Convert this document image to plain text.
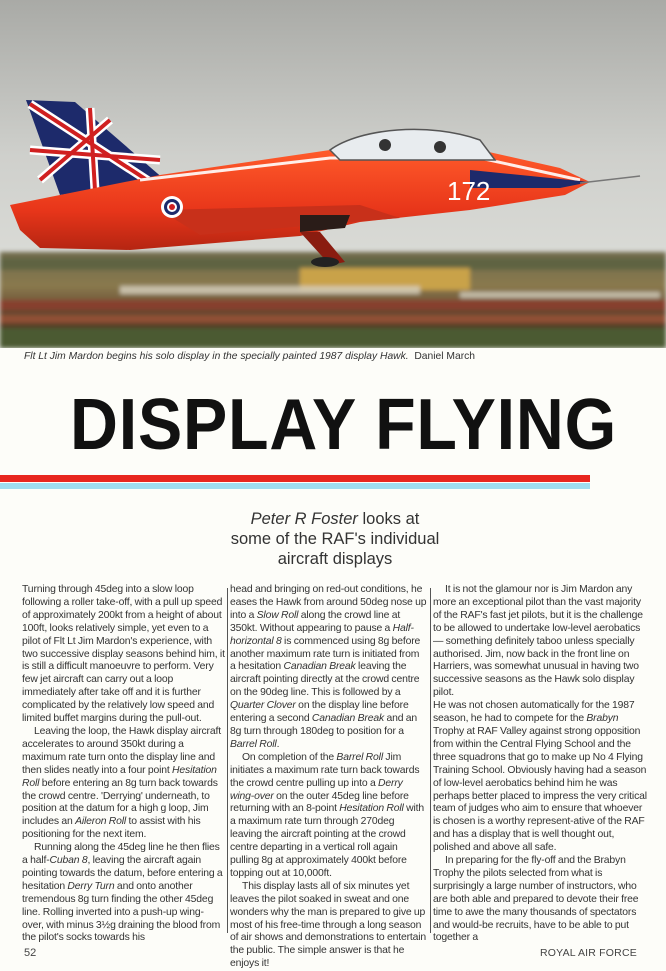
172
Flt Lt Jim Mardon begins his solo display in the specially painted 1987 display Hawk. Daniel March
DISPLAY FLYING
Peter R Foster looks at
some of the RAF's individual
aircraft displays

Turning through 45deg into a slow loop following a roller take-off, with a pull up speed of approximately 200kt from a height of about 100ft, looks relatively simple, yet even to a pilot of Flt Lt Jim Mardon's experience, with two successive display seasons behind him, it is still a difficult manoeuvre to perform. Very few jet aircraft can carry out a loop immediately after take off and it is further complicated by the relatively low speed and limited buffet margins during the pull-out.

Leaving the loop, the Hawk display aircraft accelerates to around 350kt during a maximum rate turn onto the display line and then slides neatly into a four point Hesitation Roll before entering an 8g turn back towards the crowd centre. 'Derrying' underneath, to position at the datum for a high g loop, Jim includes an Aileron Roll to assist with his positioning for the next item.

Running along the 45deg line he then flies a half-Cuban 8, leaving the aircraft again pointing towards the datum, before entering a hesitation Derry Turn and onto another tremendous 8g turn finding the other 45deg line. Rolling inverted into a push-up wing-over, with minus 3½g draining the blood from the pilot's socks towards his

head and bringing on red-out conditions, he eases the Hawk from around 50deg nose up into a Slow Roll along the crowd line at 350kt. Without appearing to pause a Half-horizontal 8 is commenced using 8g before another maximum rate turn is initiated from a hesitation Canadian Break leaving the aircraft pointing directly at the crowd centre on the 90deg line. This is followed by a Quarter Clover on the display line before entering a second Canadian Break and an 8g turn through 180deg to position for a Barrel Roll.

On completion of the Barrel Roll Jim initiates a maximum rate turn back towards the crowd centre pulling up into a Derry wing-over on the outer 45deg line before returning with an 8-point Hesitation Roll with a maximum rate turn through 270deg leaving the aircraft pointing at the crowd centre departing in a vertical roll again pulling 8g at approximately 400kt before topping out at 10,000ft.

This display lasts all of six minutes yet leaves the pilot soaked in sweat and one wonders why the man is prepared to give up most of his free-time through a long season of air shows and demonstrations to entertain the public. The simple answer is that he enjoys it!

It is not the glamour nor is Jim Mardon any more an exceptional pilot than the vast majority of the RAF's fast jet pilots, but it is the challenge to be allowed to undertake low-level aerobatics — something definitely taboo unless specially authorised. Jim, now back in the front line on Harriers, was somewhat unusual in having two successive seasons as the Hawk solo display pilot.

He was not chosen automatically for the 1987 season, he had to compete for the Brabyn Trophy at RAF Valley against strong opposition from within the Central Flying School and the three squadrons that go to make up No 4 Flying Training School. Obviously having had a season of low-level aerobatics behind him he was perhaps better placed to impress the very critical team of judges who aim to ensure that whoever is chosen is a worthy represent-ative of the RAF and has a display that is well thought out, polished and above all safe.

In preparing for the fly-off and the Brabyn Trophy the pilots selected from what is surprisingly a large number of instructors, who are both able and prepared to devote their free time to awe the many thousands of spectators and would-be recruits, have to be able to put together a

52	ROYAL AIR FORCE
